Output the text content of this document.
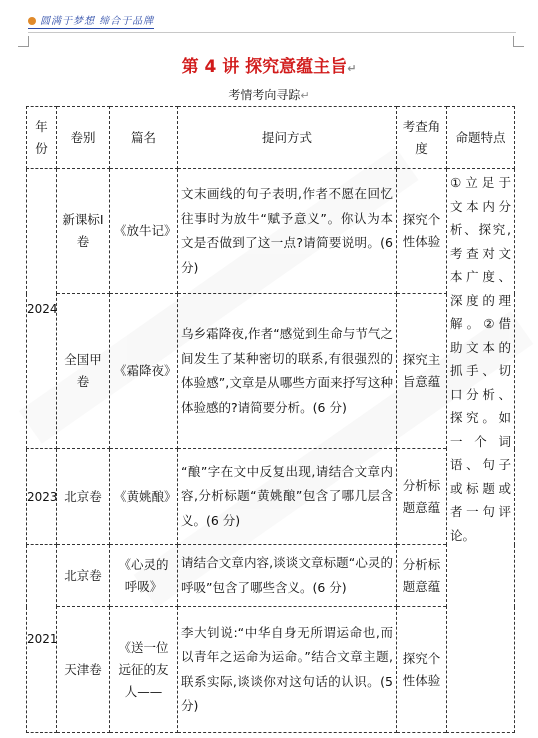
圆满于梦想 缔合于品牌
第 4 讲 探究意蕴主旨↵
考情考向寻踪↵
年份	卷别	篇名	提问方式	考查角度	命题特点
2024	新课标Ⅰ卷	《放牛记》	文末画线的句子表明,作者不愿在回忆往事时为放牛“赋予意义”。你认为本文是否做到了这一点?请简要说明。(6 分)	探究个性体验	①立足于文本内分析、探究,考查对文本广度、深度的理解。②借助文本的抓手、切口分析、探究。如一个词语、句子或标题或者一句评论。
	全国甲卷	《霜降夜》	乌乡霜降夜,作者“感觉到生命与节气之间发生了某种密切的联系,有很强烈的体验感”,文章是从哪些方面来抒写这种体验感的?请简要分析。(6 分)	探究主旨意蕴	
2023	北京卷	《黄姚酿》	“酿”字在文中反复出现,请结合文章内容,分析标题“黄姚酿”包含了哪几层含义。(6 分)	分析标题意蕴	
2021	北京卷	《心灵的呼吸》	请结合文章内容,谈谈文章标题“心灵的呼吸”包含了哪些含义。(6 分)	分析标题意蕴	
	天津卷	《送一位远征的友人——	李大钊说:“中华自身无所谓运命也,而以青年之运命为运命。”结合文章主题,联系实际,谈谈你对这句话的认识。(5 分)	探究个性体验	
